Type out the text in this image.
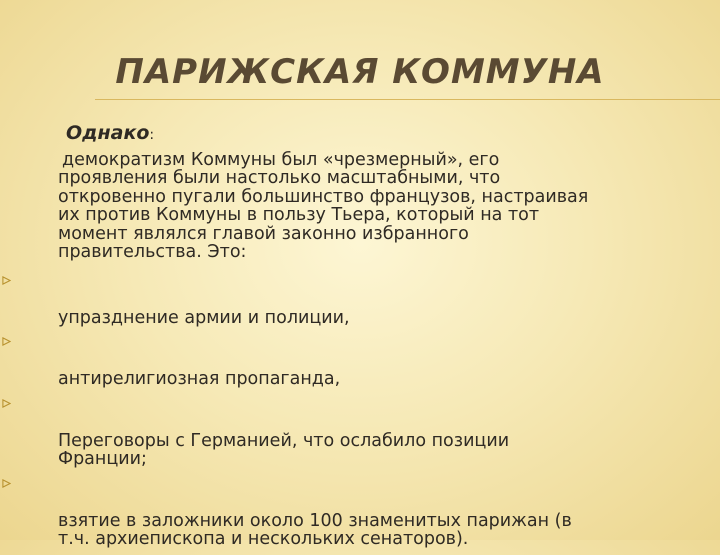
ПАРИЖСКАЯ КОММУНА

Однако:

демократизм Коммуны был «чрезмерный», его
проявления были настолько масштабными, что
откровенно пугали большинство французов, настраивая
их против Коммуны в пользу Тьера, который на тот
момент являлся главой законно избранного
правительства. Это:

упразднение армии и полиции,

антирелигиозная пропаганда,

Переговоры с Германией, что ослабило позиции
Франции;

взятие в заложники около 100 знаменитых парижан (в
т.ч. архиепископа и нескольких сенаторов).
